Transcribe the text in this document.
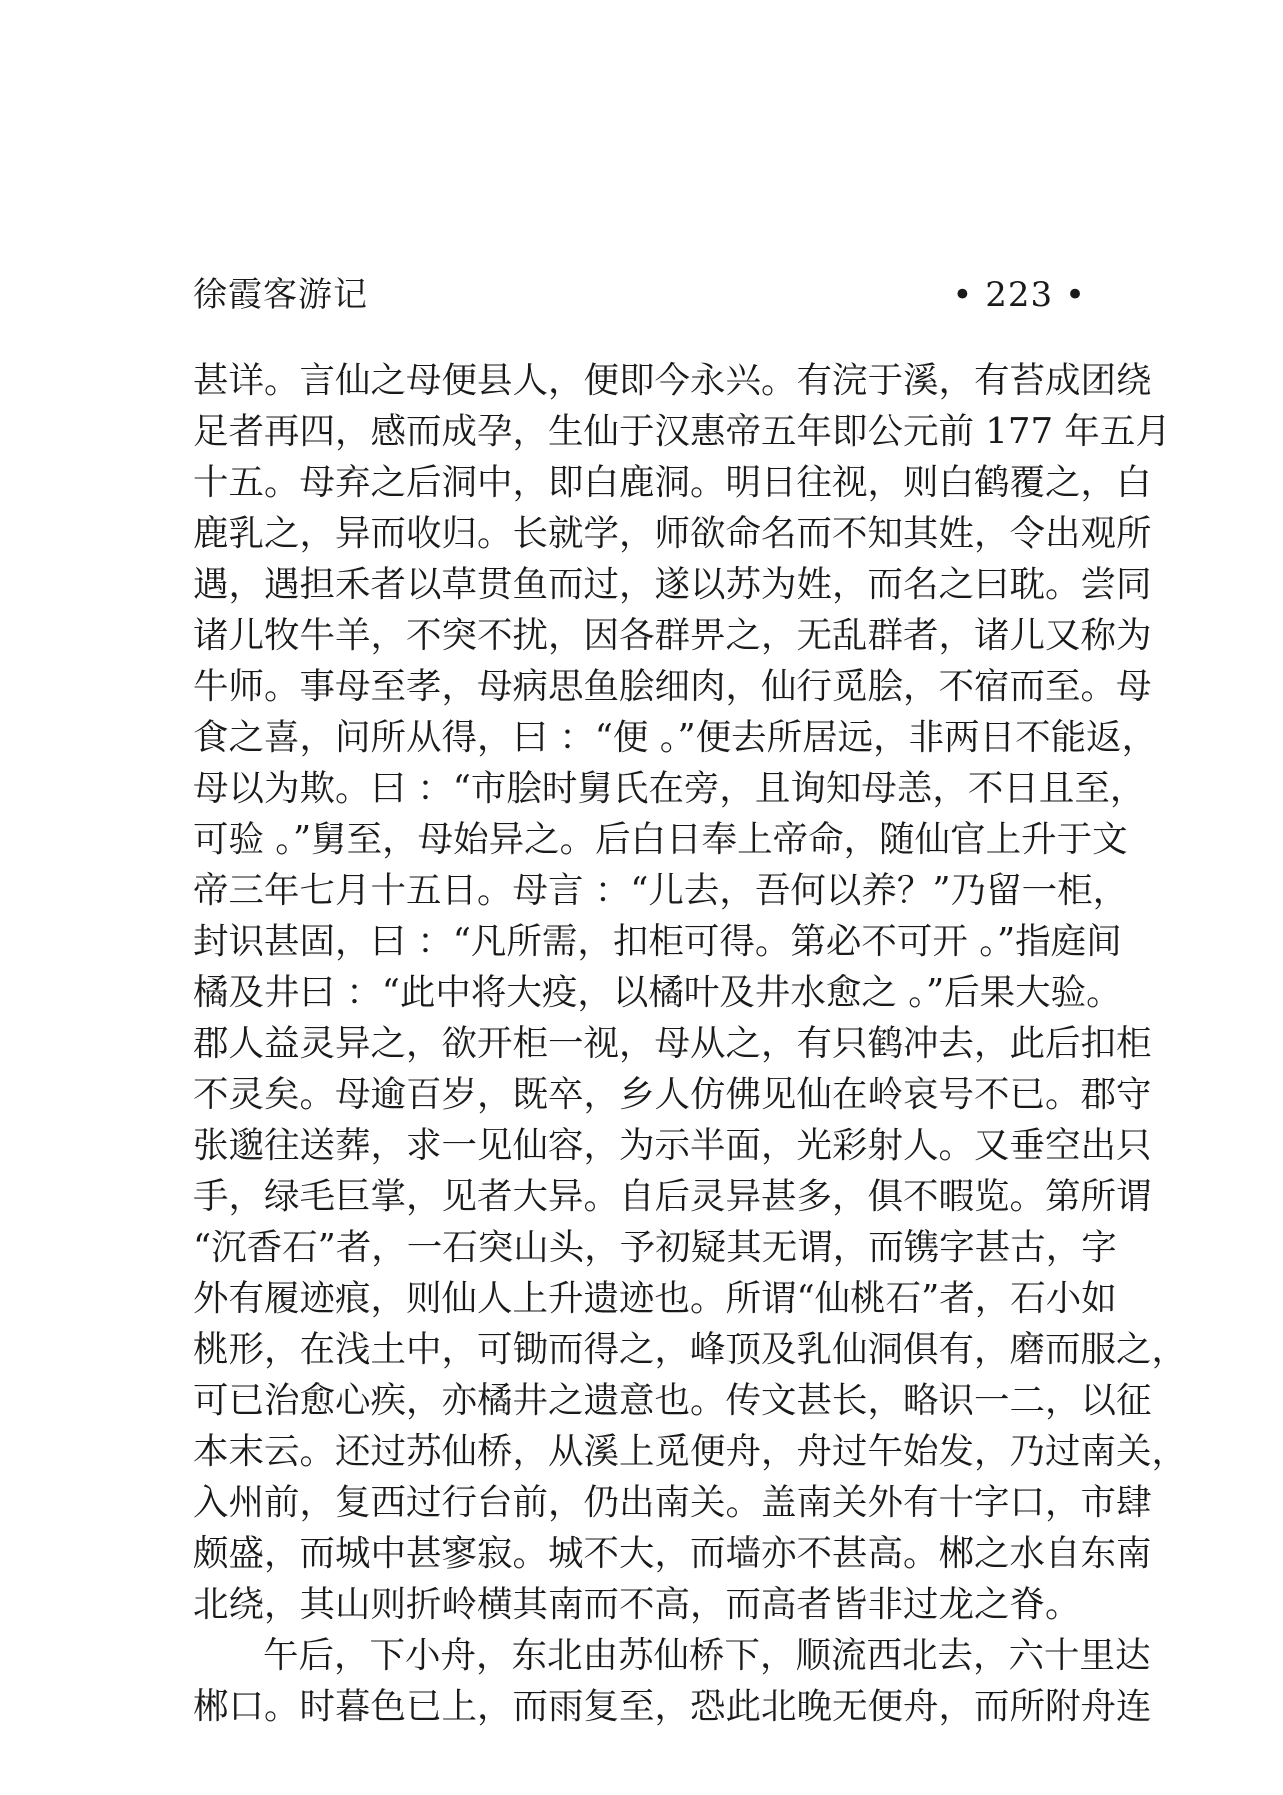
徐霞客游记	• 223 •
甚详。言仙之母便县人，便即今永兴。有浣于溪，有苔成团绕
足者再四，感而成孕，生仙于汉惠帝五年即公元前 177 年五月
十五。母弃之后洞中，即白鹿洞。明日往视，则白鹤覆之，白
鹿乳之，异而收归。长就学，师欲命名而不知其姓，令出观所
遇，遇担禾者以草贯鱼而过，遂以苏为姓，而名之曰耽。尝同
诸儿牧牛羊，不突不扰，因各群畀之，无乱群者，诸儿又称为
牛师。事母至孝，母病思鱼脍细肉，仙行觅脍，不宿而至。母
食之喜，问所从得，曰 ：“便 。”便去所居远，非两日不能返，
母以为欺。曰 ：“市脍时舅氏在旁，且询知母恙，不日且至，
可验 。”舅至，母始异之。后白日奉上帝命，随仙官上升于文
帝三年七月十五日。母言 ：“儿去，吾何以养？”乃留一柜，
封识甚固，曰 ：“凡所需，扣柜可得。第必不可开 。”指庭间
橘及井曰 ：“此中将大疫，以橘叶及井水愈之 。”后果大验。
郡人益灵异之，欲开柜一视，母从之，有只鹤冲去，此后扣柜
不灵矣。母逾百岁，既卒，乡人仿佛见仙在岭哀号不已。郡守
张邈往送葬，求一见仙容，为示半面，光彩射人。又垂空出只
手，绿毛巨掌，见者大异。自后灵异甚多，俱不暇览。第所谓
“沉香石”者，一石突山头，予初疑其无谓，而镌字甚古，字
外有履迹痕，则仙人上升遗迹也。所谓“仙桃石”者，石小如
桃形，在浅土中，可锄而得之，峰顶及乳仙洞俱有，磨而服之，
可已治愈心疾，亦橘井之遗意也。传文甚长，略识一二，以征
本末云。还过苏仙桥，从溪上觅便舟，舟过午始发，乃过南关，
入州前，复西过行台前，仍出南关。盖南关外有十字口，市肆
颇盛，而城中甚寥寂。城不大，而墙亦不甚高。郴之水自东南
北绕，其山则折岭横其南而不高，而高者皆非过龙之脊。
午后，下小舟，东北由苏仙桥下，顺流西北去，六十里达
郴口。时暮色已上，而雨复至，恐此北晚无便舟，而所附舟连
